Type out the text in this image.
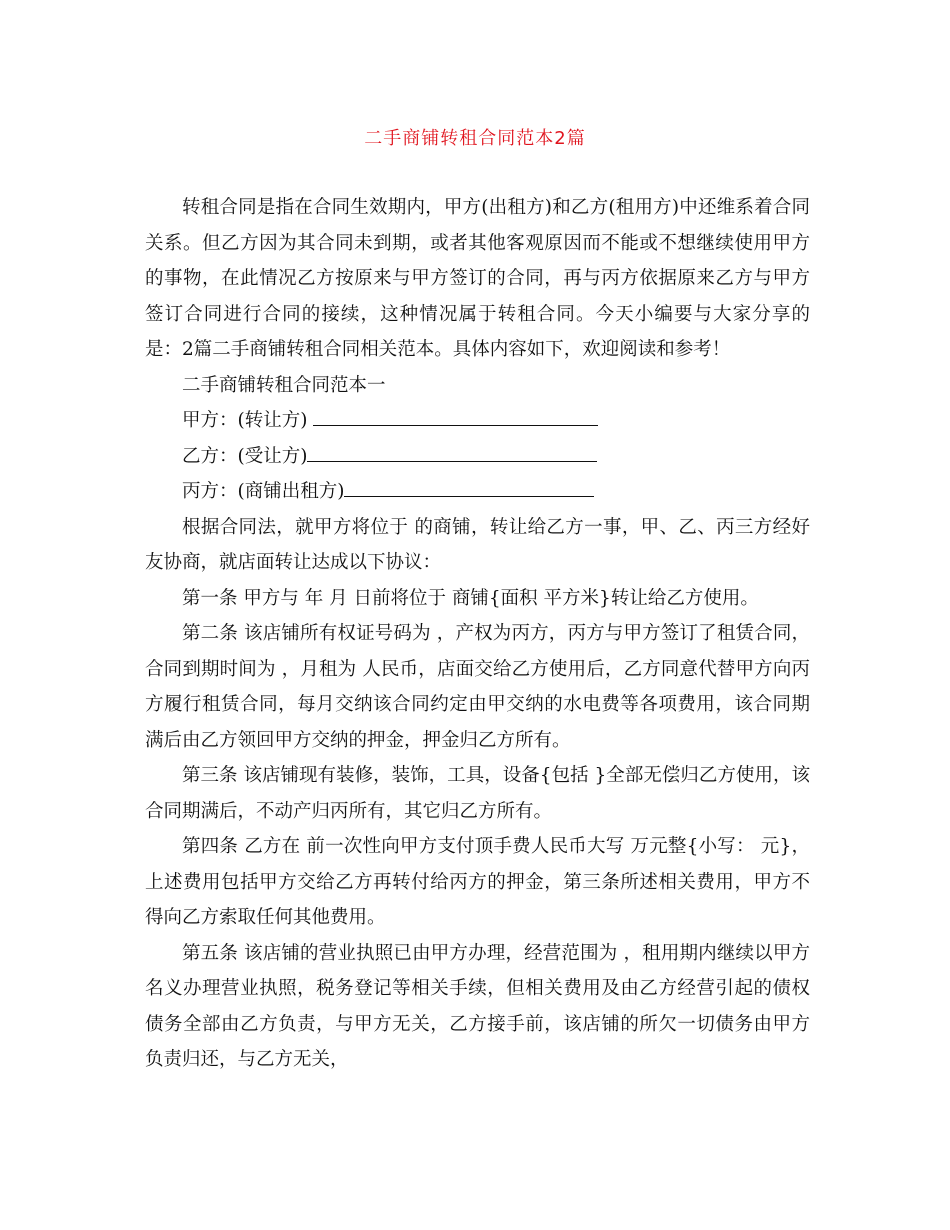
二手商铺转租合同范本2篇

转租合同是指在合同生效期内，甲方(出租方)和乙方(租用方)中还维系着合同关系。但乙方因为其合同未到期，或者其他客观原因而不能或不想继续使用甲方的事物，在此情况乙方按原来与甲方签订的合同，再与丙方依据原来乙方与甲方签订合同进行合同的接续，这种情况属于转租合同。今天小编要与大家分享的是：2篇二手商铺转租合同相关范本。具体内容如下，欢迎阅读和参考！

二手商铺转租合同范本一

甲方：(转让方)

乙方：(受让方)

丙方：(商铺出租方)

根据合同法，就甲方将位于 的商铺，转让给乙方一事，甲、乙、丙三方经好友协商，就店面转让达成以下协议：

第一条 甲方与 年 月 日前将位于 商铺{面积 平方米}转让给乙方使用。

第二条 该店铺所有权证号码为 ，产权为丙方，丙方与甲方签订了租赁合同，合同到期时间为 ，月租为 人民币，店面交给乙方使用后，乙方同意代替甲方向丙方履行租赁合同，每月交纳该合同约定由甲交纳的水电费等各项费用，该合同期满后由乙方领回甲方交纳的押金，押金归乙方所有。

第三条 该店铺现有装修，装饰，工具，设备{包括 }全部无偿归乙方使用，该合同期满后，不动产归丙所有，其它归乙方所有。

第四条 乙方在 前一次性向甲方支付顶手费人民币大写 万元整{小写： 元}，上述费用包括甲方交给乙方再转付给丙方的押金，第三条所述相关费用，甲方不得向乙方索取任何其他费用。

第五条 该店铺的营业执照已由甲方办理，经营范围为 ，租用期内继续以甲方名义办理营业执照，税务登记等相关手续，但相关费用及由乙方经营引起的债权债务全部由乙方负责，与甲方无关，乙方接手前，该店铺的所欠一切债务由甲方负责归还，与乙方无关，
